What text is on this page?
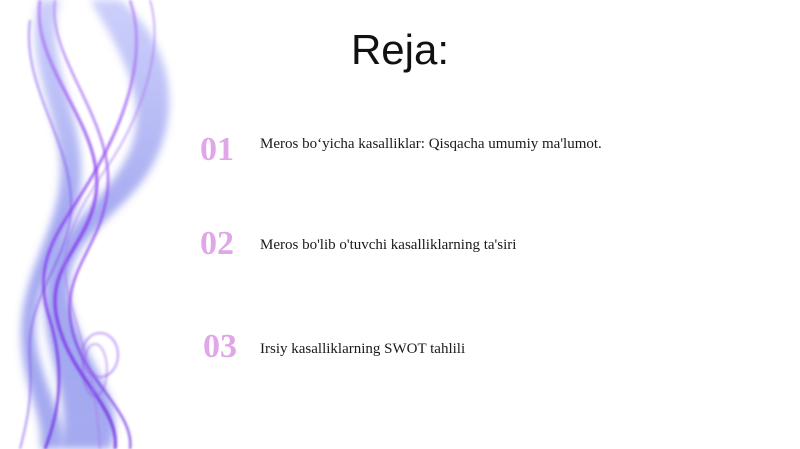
Reja:
01 Meros bo‘yicha kasalliklar: Qisqacha umumiy ma'lumot.
02 Meros bo'lib o'tuvchi kasalliklarning ta'siri
03 Irsiy kasalliklarning SWOT tahlili
